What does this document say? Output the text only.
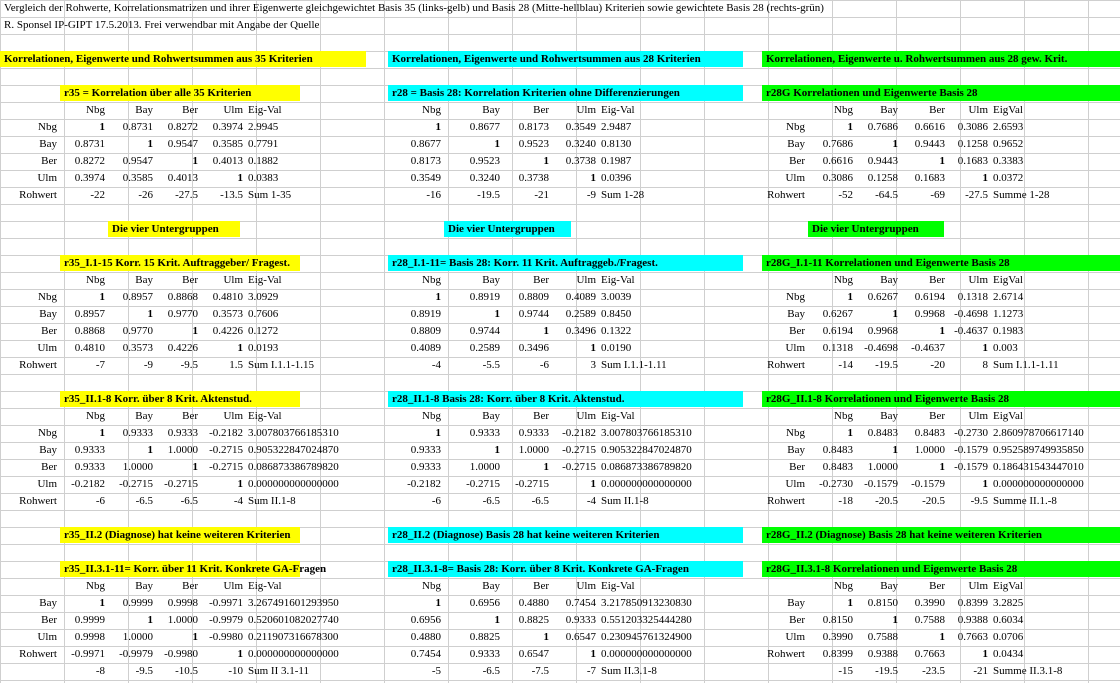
Vergleich der Rohwerte, Korrelationsmatrizen und ihrer Eigenwerte gleichgewichtet Basis 35 (links-gelb) und Basis 28 (Mitte-hellblau) Kriterien sowie gewichtete Basis 28 (rechts-grün)
R. Sponsel IP-GIPT 17.5.2013. Frei verwendbar mit Angabe der Quelle
Korrelationen, Eigenwerte und Rohwertsummen aus 35 Kriterien
Die vier Untergruppen
r35 = Korrelation über alle 35 Kriterien
Nbg	Bay	Ber	Ulm Eig-Val
Nbg	1	0.8731	0.8272	0.3974 2.9945
Bay	0.8731	1	0.9547	0.3585 0.7791
Ber	0.8272	0.9547	1	0.4013 0.1882
Ulm	0.3974	0.3585	0.4013	1 0.0383
Rohwert	-22	-26	-27.5	-13.5 Sum 1-35
r35_I.1-15 Korr. 15 Krit. Auftraggeber/ Fragest.
Nbg	Bay	Ber	Ulm Eig-Val
Nbg	1	0.8957	0.8868	0.4810 3.0929
Bay	0.8957	1	0.9770	0.3573 0.7606
Ber	0.8868	0.9770	1	0.4226 0.1272
Ulm	0.4810	0.3573	0.4226	1 0.0193
Rohwert	-7	-9	-9.5	1.5 Sum I.1.1-1.15
r35_II.1-8 Korr. über 8 Krit. Aktenstud.
Nbg	Bay	Ber	Ulm Eig-Val
Nbg	1	0.9333	0.9333	-0.2182 3.007803766185310
Bay	0.9333	1	1.0000	-0.2715 0.905322847024870
Ber	0.9333	1.0000	1	-0.2715 0.086873386789820
Ulm	-0.2182	-0.2715	-0.2715	1 0.000000000000000
Rohwert	-6	-6.5	-6.5	-4 Sum II.1-8
r35_II.2 (Diagnose) hat keine weiteren Kriterien
r35_II.3.1-11= Korr. über 11 Krit. Konkrete GA-Fragen
Nbg	Bay	Ber	Ulm Eig-Val
Bay	1	0.9999	0.9998	-0.9971 3.267491601293950
Ber	0.9999	1	1.0000	-0.9979 0.520601082027740
Ulm	0.9998	1.0000	1	-0.9980 0.211907316678300
Rohwert	-0.9971	-0.9979	-0.9980	1 0.000000000000000
-8	-9.5	-10.5	-10 Sum II 3.1-11
Korrelationen, Eigenwerte und Rohwertsummen aus 28 Kriterien
Die vier Untergruppen
r28 = Basis 28: Korrelation Kriterien ohne Differenzierungen
Nbg	Bay	Ber	Ulm Eig-Val
1	0.8677	0.8173	0.3549 2.9487
0.8677	1	0.9523	0.3240 0.8130
0.8173	0.9523	1	0.3738 0.1987
0.3549	0.3240	0.3738	1 0.0396
-16	-19.5	-21	-9 Sum 1-28
r28_I.1-11= Basis 28: Korr. 11 Krit. Auftraggeb./Fragest.
Nbg	Bay	Ber	Ulm Eig-Val
1	0.8919	0.8809	0.4089 3.0039
0.8919	1	0.9744	0.2589 0.8450
0.8809	0.9744	1	0.3496 0.1322
0.4089	0.2589	0.3496	1 0.0190
-4	-5.5	-6	3 Sum I.1.1-1.11
r28_II.1-8 Basis 28: Korr. über 8 Krit. Aktenstud.
Nbg	Bay	Ber	Ulm Eig-Val
1	0.9333	0.9333	-0.2182 3.007803766185310
0.9333	1	1.0000	-0.2715 0.905322847024870
0.9333	1.0000	1	-0.2715 0.086873386789820
-0.2182	-0.2715	-0.2715	1 0.000000000000000
-6	-6.5	-6.5	-4 Sum II.1-8
r28_II.2 (Diagnose) Basis 28 hat keine weiteren Kriterien
r28_II.3.1-8= Basis 28: Korr. über 8 Krit. Konkrete GA-Fragen
Nbg	Bay	Ber	Ulm Eig-Val
1	0.6956	0.4880	0.7454 3.217850913230830
0.6956	1	0.8825	0.9333 0.551203325444280
0.4880	0.8825	1	0.6547 0.230945761324900
0.7454	0.9333	0.6547	1 0.000000000000000
-5	-6.5	-7.5	-7 Sum II.3.1-8
Korrelationen, Eigenwerte u. Rohwertsummen aus 28 gew. Krit.
Die vier Untergruppen
r28G Korrelationen und Eigenwerte Basis 28
Nbg	Bay	Ber	Ulm EigVal
Nbg	1	0.7686	0.6616	0.3086 2.6593
Bay	0.7686	1	0.9443	0.1258 0.9652
Ber	0.6616	0.9443	1	0.1683 0.3383
Ulm	0.3086	0.1258	0.1683	1 0.0372
Rohwert	-52	-64.5	-69	-27.5 Summe 1-28
r28G_I.1-11 Korrelationen und Eigenwerte Basis 28
Nbg	Bay	Ber	Ulm EigVal
Nbg	1	0.6267	0.6194	0.1318 2.6714
Bay	0.6267	1	0.9968 -0.4698 1.1273
Ber	0.6194	0.9968	1 -0.4637 0.1983
Ulm	0.1318	-0.4698	-0.4637	1 0.003
Rohwert	-14	-19.5	-20	8 Sum I.1.1-1.11
r28G_II.1-8 Korrelationen und Eigenwerte Basis 28
Nbg	Bay	Ber	Ulm EigVal
Nbg	1	0.8483	0.8483 -0.2730 2.860978706617140
Bay	0.8483	1	1.0000 -0.1579 0.952589749935850
Ber	0.8483	1.0000	1 -0.1579 0.186431543447010
Ulm	-0.2730	-0.1579	-0.1579	1 0.000000000000000
Rohwert	-18	-20.5	-20.5	-9.5 Summe II.1.-8
r28G_II.2 (Diagnose) Basis 28 hat keine weiteren Kriterien
r28G_II.3.1-8 Korrelationen und Eigenwerte Basis 28
Nbg	Bay	Ber	Ulm EigVal
Bay	1	0.8150	0.3990	0.8399 3.2825
Ber	0.8150	1	0.7588	0.9388 0.6034
Ulm	0.3990	0.7588	1	0.7663 0.0706
Rohwert	0.8399	0.9388	0.7663	1 0.0434
-15	-19.5	-23.5	-21 Summe II.3.1-8
